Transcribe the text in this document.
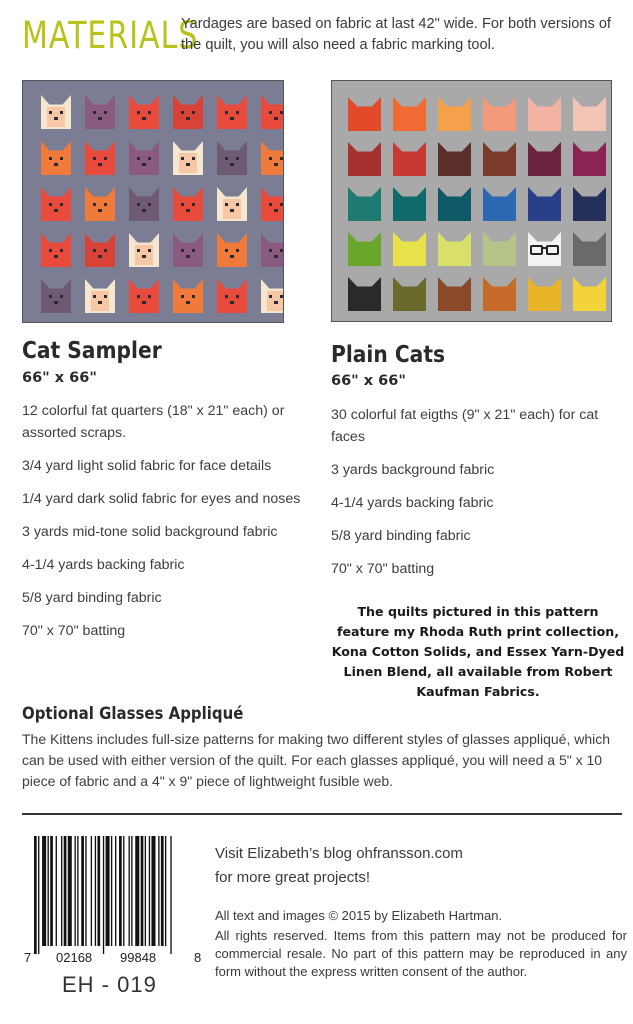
MATERIALS
Yardages are based on fabric at last 42" wide. For both versions of the quilt, you will also need a fabric marking tool.
Cat Sampler
66" x 66"

12 colorful fat quarters (18" x 21" each) or assorted scraps.

3/4 yard light solid fabric for face details

1/4 yard dark solid fabric for eyes and noses

3 yards mid-tone solid background fabric

4-1/4 yards backing fabric

5/8 yard binding fabric

70" x 70" batting

Plain Cats
66" x 66"

30 colorful fat eigths (9" x 21" each) for cat faces

3 yards background fabric

4-1/4 yards backing fabric

5/8 yard binding fabric

70" x 70" batting

The quilts pictured in this pattern feature my Rhoda Ruth print collection, Kona Cotton Solids, and Essex Yarn-Dyed Linen Blend, all available from Robert Kaufman Fabrics.
Optional Glasses Appliqué
The Kittens includes full-size patterns for making two different styles of glasses appliqué, which can be used with either version of the quilt. For each glasses appliqué, you will need a 5" x 10 piece of fabric and a 4" x 9" piece of lightweight fusible web.
7 02168 99848	8
EH - 019
Visit Elizabeth’s blog ohfransson.com
for more great projects!

All text and images © 2015 by Elizabeth Hartman.

All rights reserved. Items from this pattern may not be produced for commercial resale. No part of this pattern may be reproduced in any form without the express written consent of the author.
